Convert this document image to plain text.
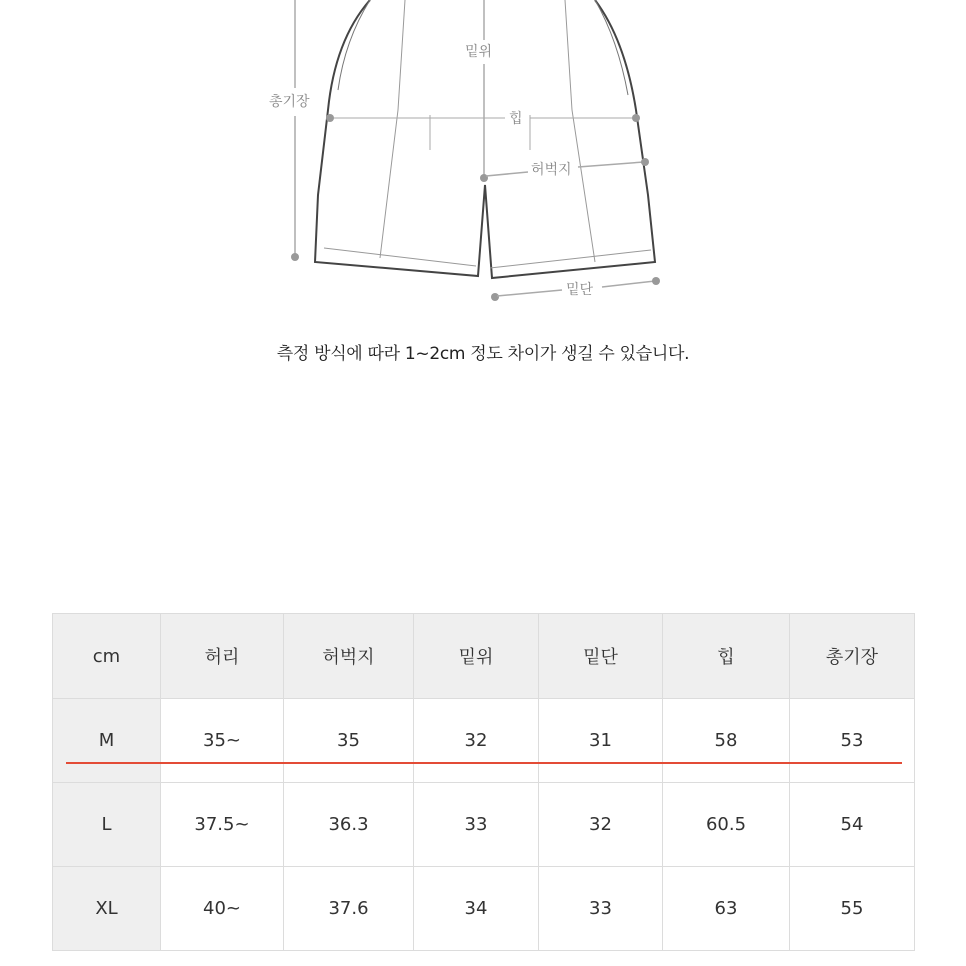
밑위
총기장
힙
허벅지
밑단
측정 방식에 따라 1~2cm 정도 차이가 생길 수 있습니다.
cm	허리	허벅지	밑위	밑단	힙	총기장
M	35~	35	32	31	58	53
L	37.5~	36.3	33	32	60.5	54
XL	40~	37.6	34	33	63	55
